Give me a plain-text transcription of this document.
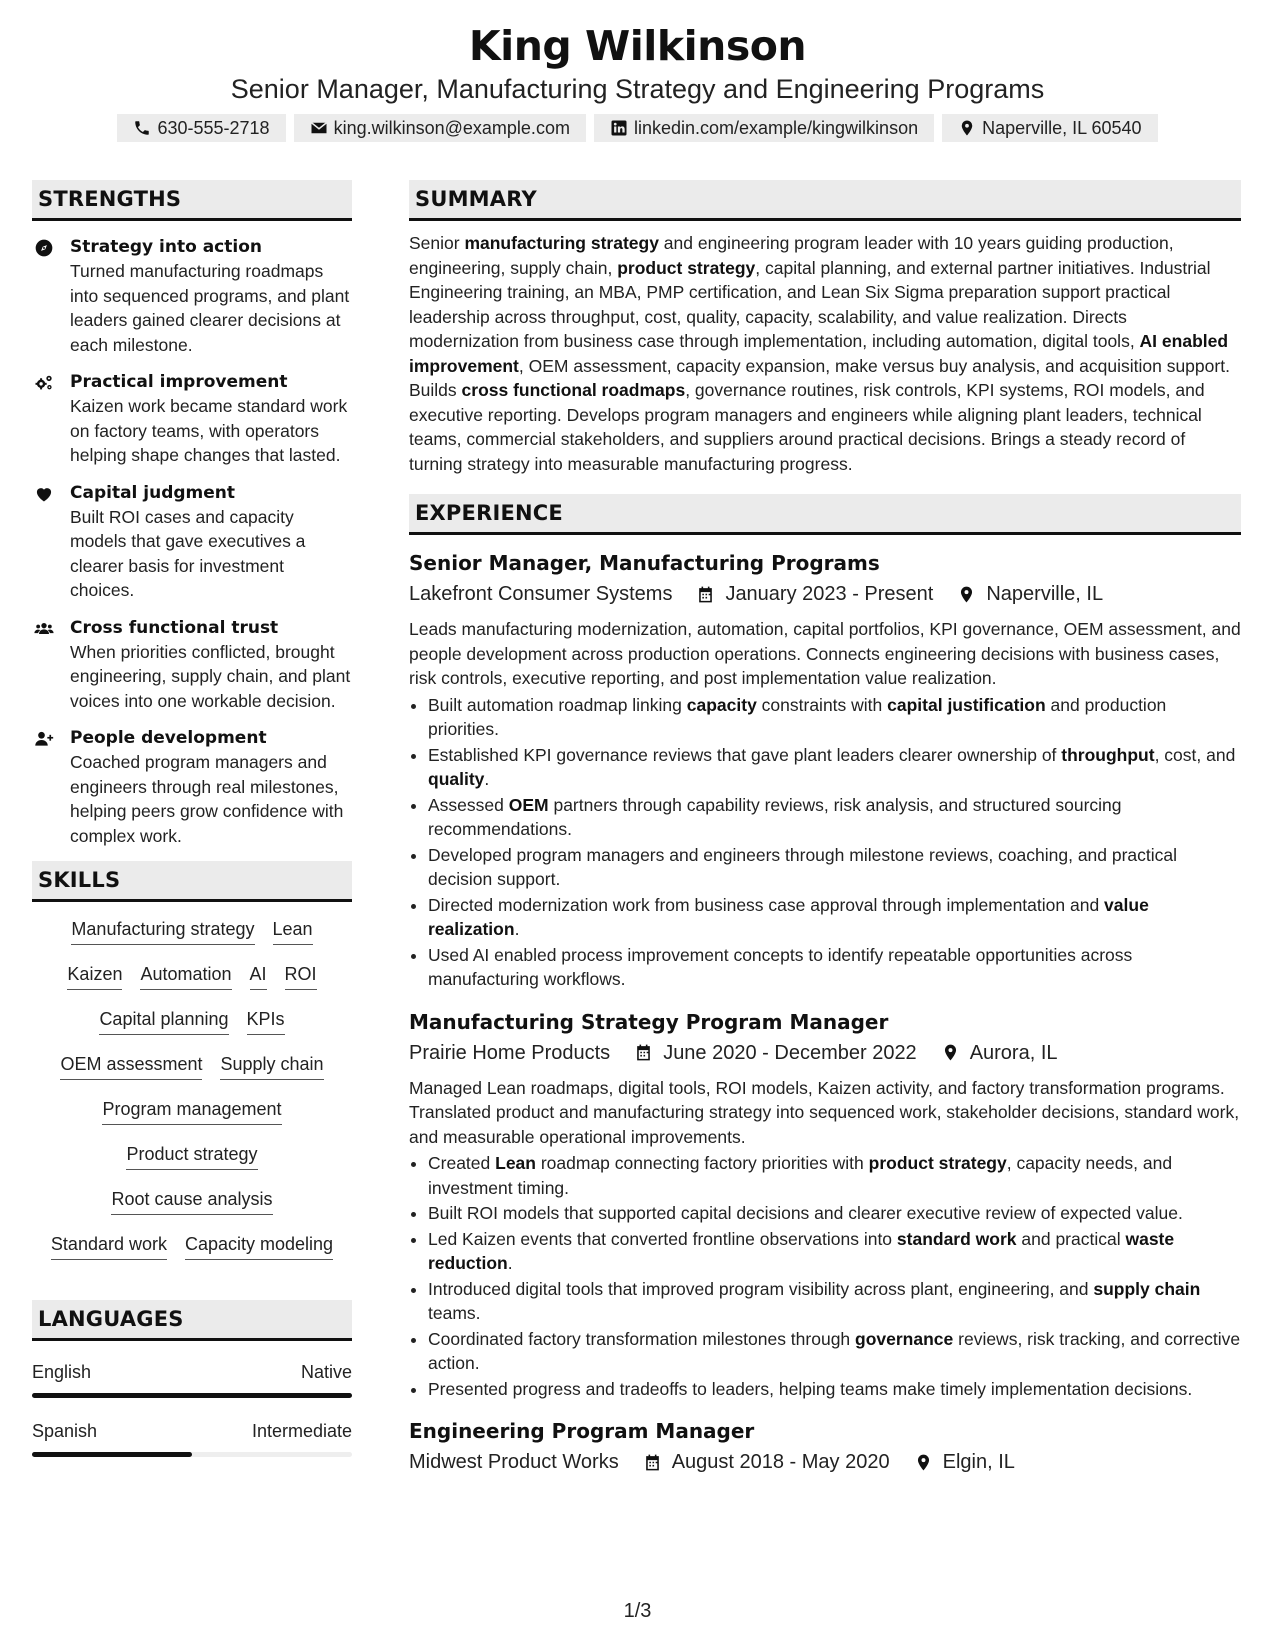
King Wilkinson
Senior Manager, Manufacturing Strategy and Engineering Programs
630-555-2718	king.wilkinson@example.com	linkedin.com/example/kingwilkinson	Naperville, IL 60540
STRENGTHS
Strategy into action
Turned manufacturing roadmaps into sequenced programs, and plant leaders gained clearer decisions at each milestone.
Practical improvement
Kaizen work became standard work on factory teams, with operators helping shape changes that lasted.
Capital judgment
Built ROI cases and capacity models that gave executives a clearer basis for investment choices.
Cross functional trust
When priorities conflicted, brought engineering, supply chain, and plant voices into one workable decision.
People development
Coached program managers and engineers through real milestones, helping peers grow confidence with complex work.
SKILLS
Manufacturing strategy Lean
Kaizen Automation AI ROI
Capital planning KPIs
OEM assessment Supply chain
Program management
Product strategy
Root cause analysis
Standard work Capacity modeling
LANGUAGES
English	Native
Spanish	Intermediate
SUMMARY
Senior manufacturing strategy and engineering program leader with 10 years guiding production, engineering, supply chain, product strategy, capital planning, and external partner initiatives. Industrial Engineering training, an MBA, PMP certification, and Lean Six Sigma preparation support practical leadership across throughput, cost, quality, capacity, scalability, and value realization. Directs modernization from business case through implementation, including automation, digital tools, AI enabled improvement, OEM assessment, capacity expansion, make versus buy analysis, and acquisition support. Builds cross functional roadmaps, governance routines, risk controls, KPI systems, ROI models, and executive reporting. Develops program managers and engineers while aligning plant leaders, technical teams, commercial stakeholders, and suppliers around practical decisions. Brings a steady record of turning strategy into measurable manufacturing progress.
EXPERIENCE
Senior Manager, Manufacturing Programs
Lakefront Consumer Systems	January 2023 - Present	Naperville, IL
Leads manufacturing modernization, automation, capital portfolios, KPI governance, OEM assessment, and people development across production operations. Connects engineering decisions with business cases, risk controls, executive reporting, and post implementation value realization.
• Built automation roadmap linking capacity constraints with capital justification and production priorities.
• Established KPI governance reviews that gave plant leaders clearer ownership of throughput, cost, and quality.
• Assessed OEM partners through capability reviews, risk analysis, and structured sourcing recommendations.
• Developed program managers and engineers through milestone reviews, coaching, and practical decision support.
• Directed modernization work from business case approval through implementation and value realization.
• Used AI enabled process improvement concepts to identify repeatable opportunities across manufacturing workflows.
Manufacturing Strategy Program Manager
Prairie Home Products	June 2020 - December 2022	Aurora, IL
Managed Lean roadmaps, digital tools, ROI models, Kaizen activity, and factory transformation programs. Translated product and manufacturing strategy into sequenced work, stakeholder decisions, standard work, and measurable operational improvements.
• Created Lean roadmap connecting factory priorities with product strategy, capacity needs, and investment timing.
• Built ROI models that supported capital decisions and clearer executive review of expected value.
• Led Kaizen events that converted frontline observations into standard work and practical waste reduction.
• Introduced digital tools that improved program visibility across plant, engineering, and supply chain teams.
• Coordinated factory transformation milestones through governance reviews, risk tracking, and corrective action.
• Presented progress and tradeoffs to leaders, helping teams make timely implementation decisions.
Engineering Program Manager
Midwest Product Works	August 2018 - May 2020	Elgin, IL
1/3
